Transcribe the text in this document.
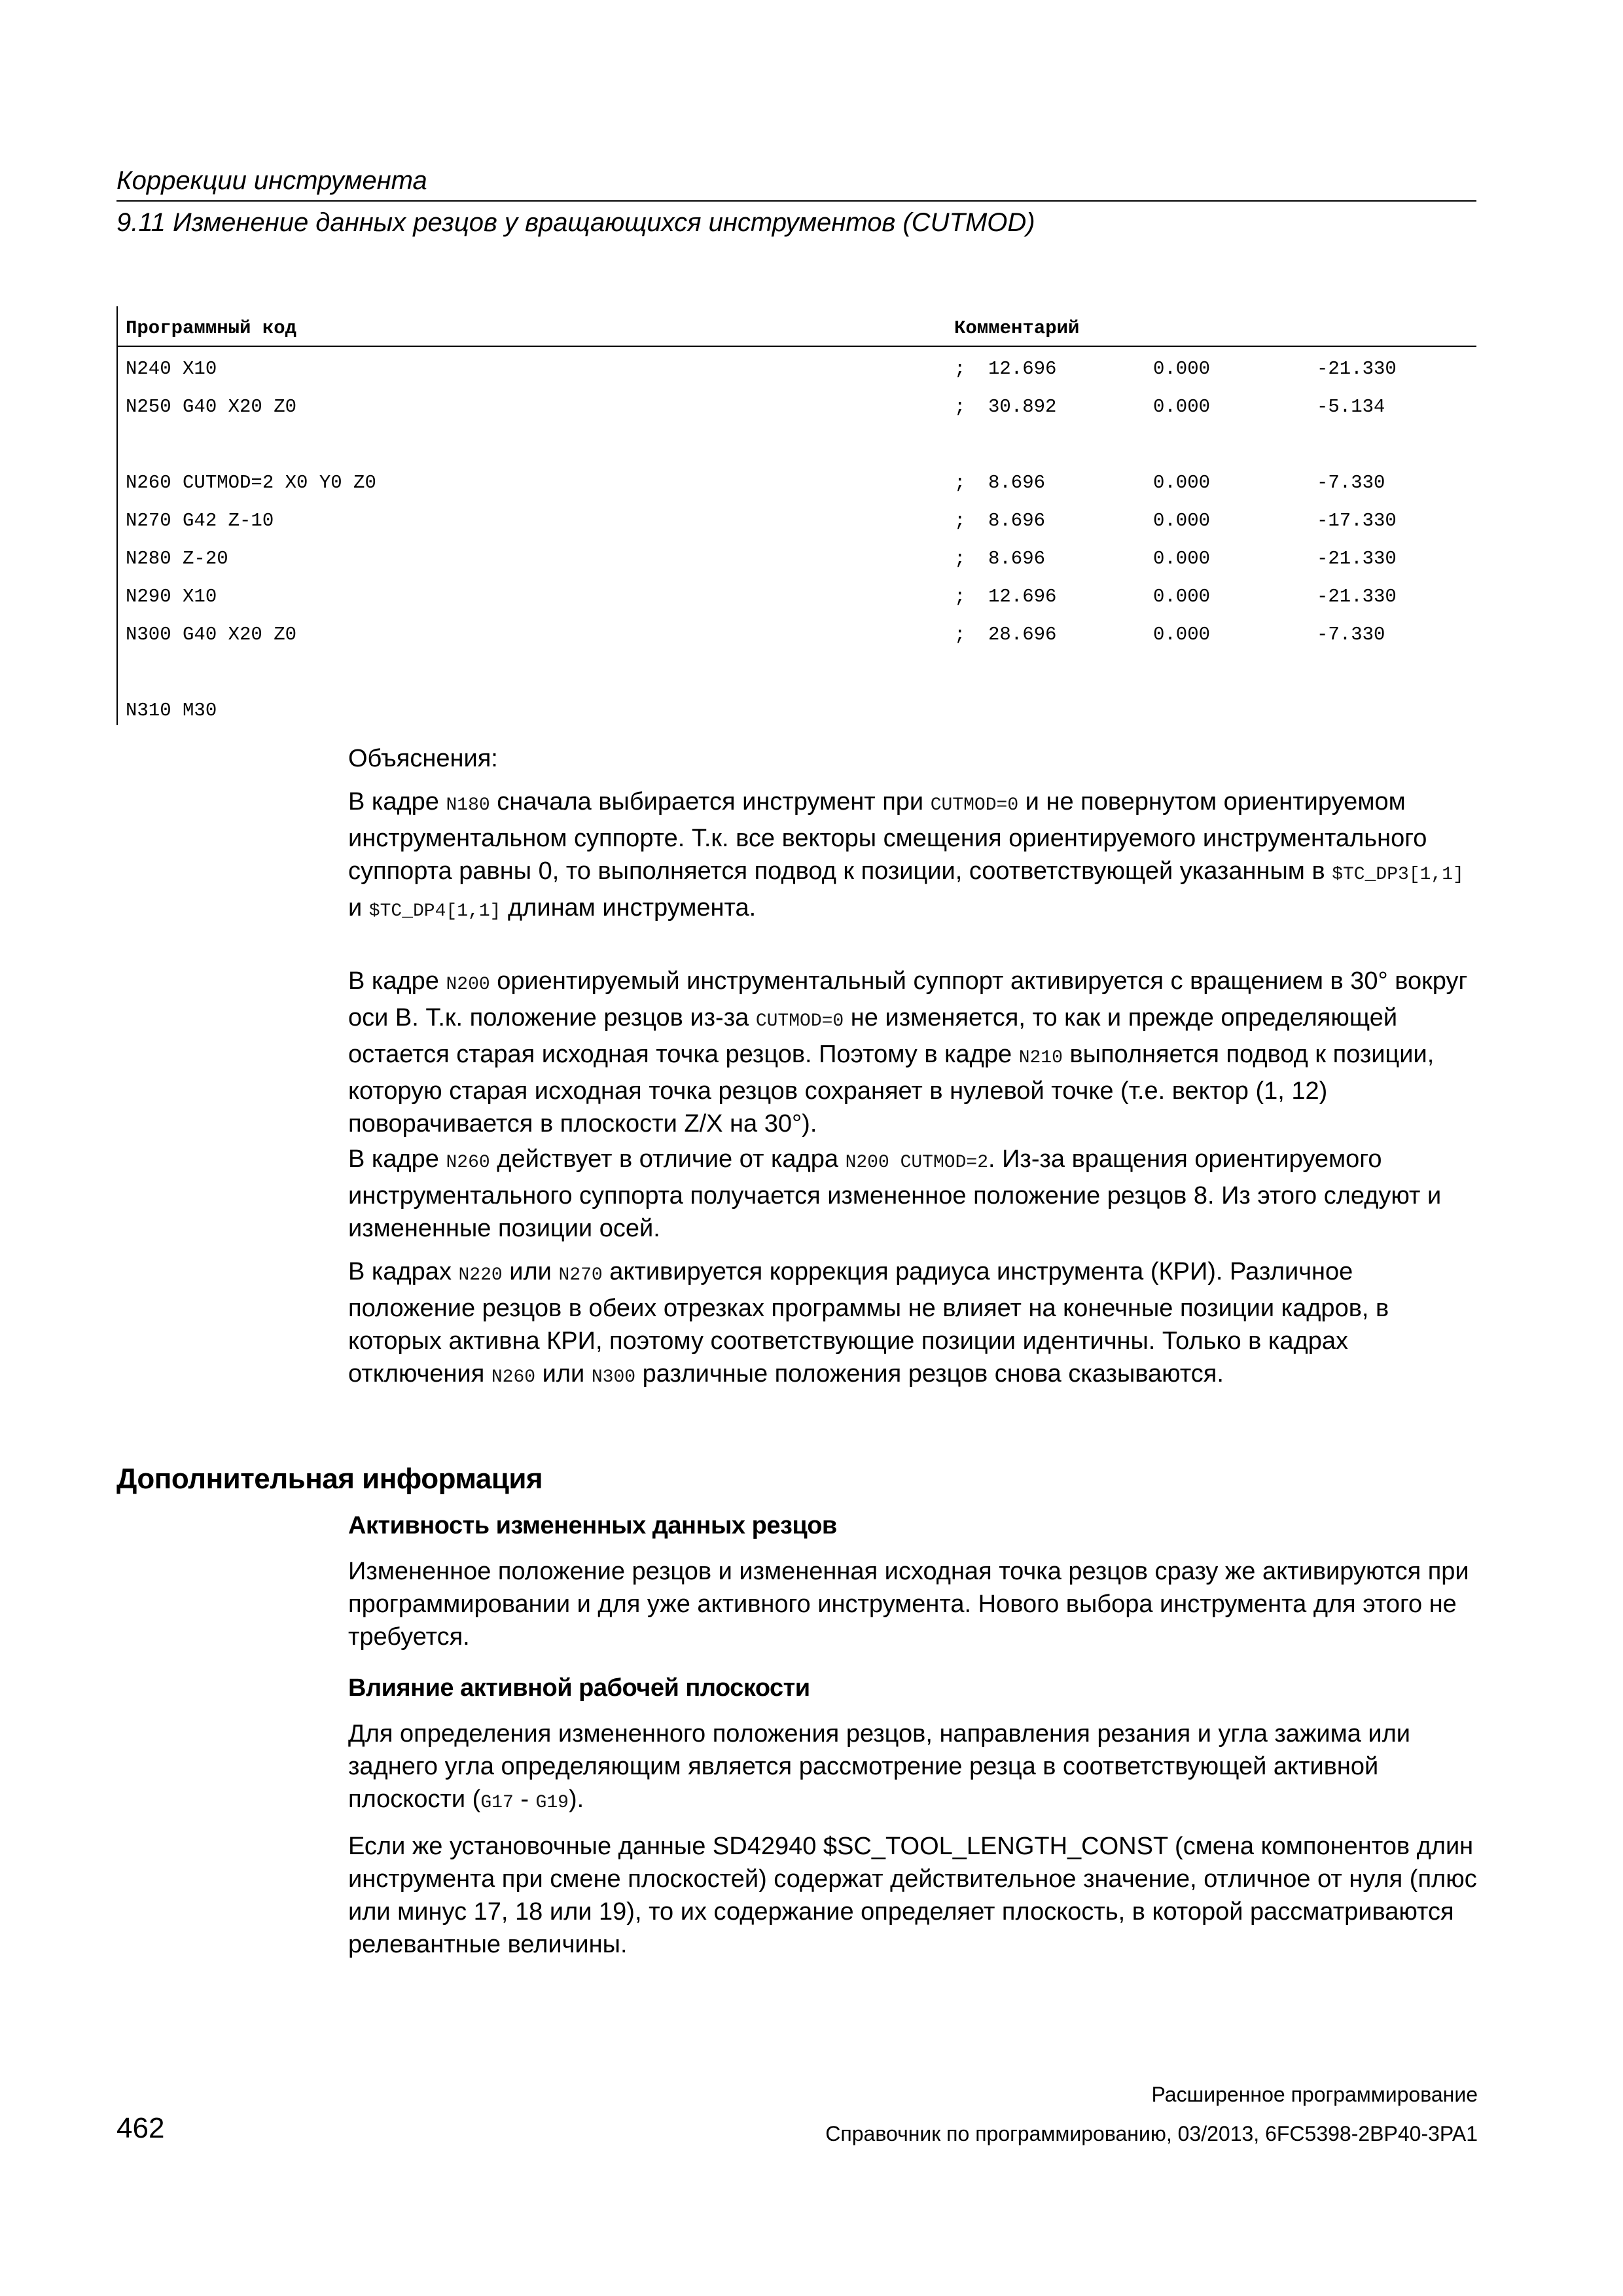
Коррекции инструмента
9.11 Изменение данных резцов у вращающихся инструментов (CUTMOD)
Программный код	Комментарий
N240 X10	; 12.696	0.000	-21.330
N250 G40 X20 Z0	; 30.892	0.000	-5.134
N260 CUTMOD=2 X0 Y0 Z0	; 8.696	0.000	-7.330
N270 G42 Z-10	; 8.696	0.000	-17.330
N280 Z-20	; 8.696	0.000	-21.330
N290 X10	; 12.696	0.000	-21.330
N300 G40 X20 Z0	; 28.696	0.000	-7.330
N310 M30

Объяснения:

В кадре N180 сначала выбирается инструмент при CUTMOD=0 и не повернутом ориентируемом инструментальном суппорте. Т.к. все векторы смещения ориентируемого инструментального суппорта равны 0, то выполняется подвод к позиции, соответствующей указанным в $TC_DP3[1,1] и $TC_DP4[1,1] длинам инструмента.

В кадре N200 ориентируемый инструментальный суппорт активируется с вращением в 30° вокруг оси B. Т.к. положение резцов из-за CUTMOD=0 не изменяется, то как и прежде определяющей остается старая исходная точка резцов. Поэтому в кадре N210 выполняется подвод к позиции, которую старая исходная точка резцов сохраняет в нулевой точке (т.е. вектор (1, 12) поворачивается в плоскости Z/X на 30°).

В кадре N260 действует в отличие от кадра N200 CUTMOD=2. Из-за вращения ориентируемого инструментального суппорта получается измененное положение резцов 8. Из этого следуют и измененные позиции осей.

В кадрах N220 или N270 активируется коррекция радиуса инструмента (КРИ). Различное положение резцов в обеих отрезках программы не влияет на конечные позиции кадров, в которых активна КРИ, поэтому соответствующие позиции идентичны. Только в кадрах отключения N260 или N300 различные положения резцов снова сказываются.

Дополнительная информация
Активность измененных данных резцов

Измененное положение резцов и измененная исходная точка резцов сразу же активируются при программировании и для уже активного инструмента. Нового выбора инструмента для этого не требуется.

Влияние активной рабочей плоскости

Для определения измененного положения резцов, направления резания и угла зажима или заднего угла определяющим является рассмотрение резца в соответствующей активной плоскости (G17 - G19).

Если же установочные данные SD42940 $SC_TOOL_LENGTH_CONST (смена компонентов длин инструмента при смене плоскостей) содержат действительное значение, отличное от нуля (плюс или минус 17, 18 или 19), то их содержание определяет плоскость, в которой рассматриваются релевантные величины.

Расширенное программирование
462	Справочник по программированию, 03/2013, 6FC5398-2BP40-3PA1
